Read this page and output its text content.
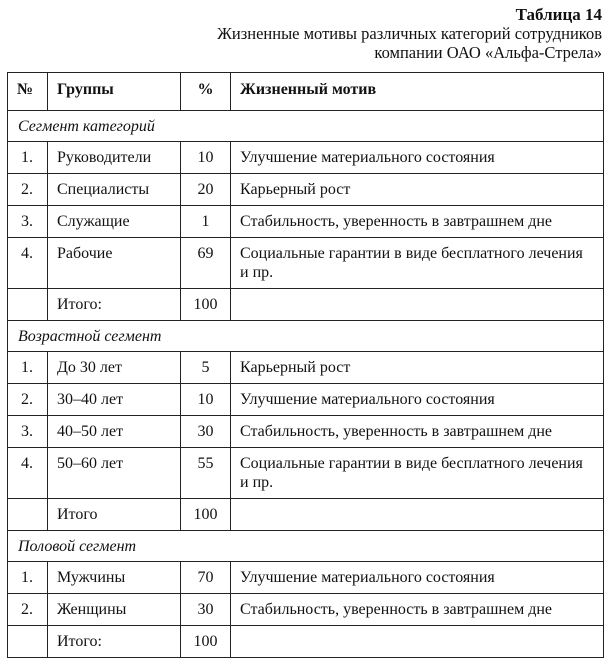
Таблица 14
Жизненные мотивы различных категорий сотрудников
компании ОАО «Альфа-Стрела»
№	Группы	%	Жизненный мотив
Сегмент категорий			
1.	Руководители	10	Улучшение материального состояния
2.	Специалисты	20	Карьерный рост
3.	Служащие	1	Стабильность, уверенность в завтрашнем дне
4.	Рабочие	69	Социальные гарантии в виде бесплатного лечения и пр.
	Итого:	100	
Возрастной сегмент			
1.	До 30 лет	5	Карьерный рост
2.	30–40 лет	10	Улучшение материального состояния
3.	40–50 лет	30	Стабильность, уверенность в завтрашнем дне
4.	50–60 лет	55	Социальные гарантии в виде бесплатного лечения и пр.
	Итого	100	
Половой сегмент			
1.	Мужчины	70	Улучшение материального состояния
2.	Женщины	30	Стабильность, уверенность в завтрашнем дне
	Итого:	100	
